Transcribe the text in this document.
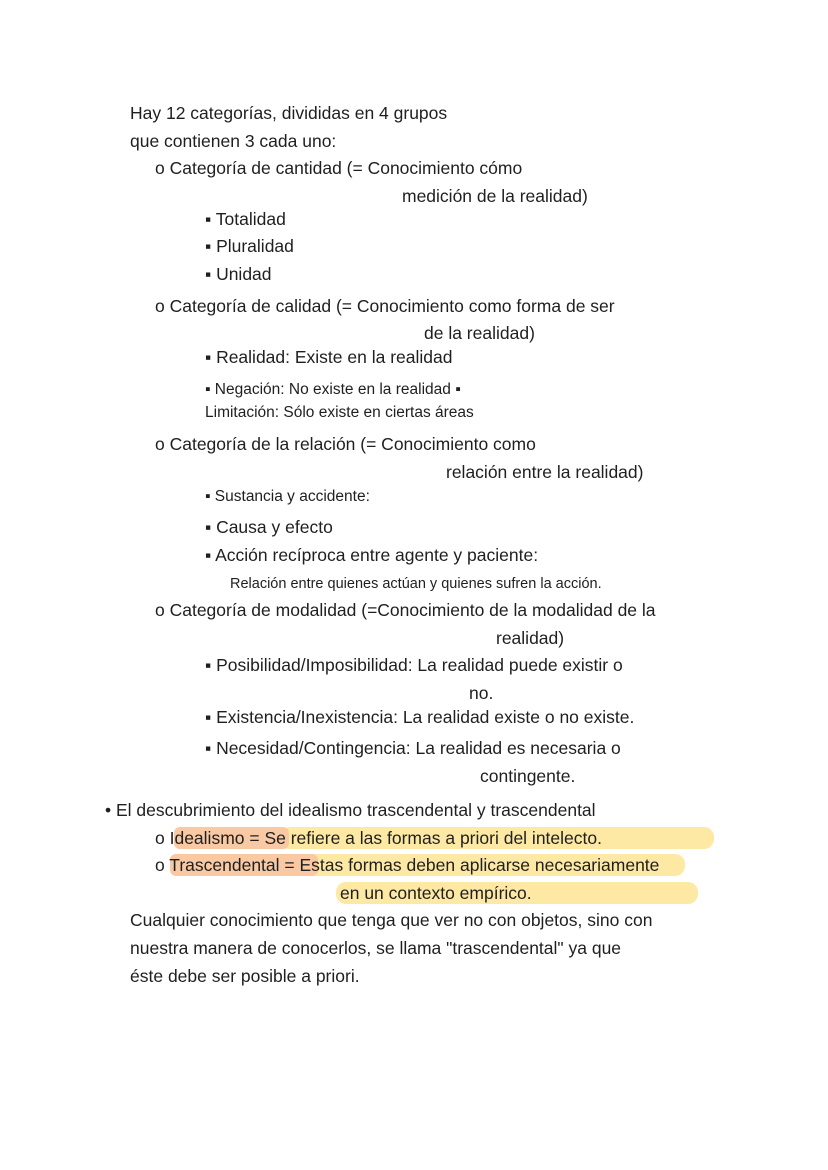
Hay 12 categorías, divididas en 4 grupos
que contienen 3 cada uno:
o Categoría de cantidad (= Conocimiento cómo
medición de la realidad)
▪ Totalidad
▪ Pluralidad
▪ Unidad
o Categoría de calidad (= Conocimiento como forma de ser
de la realidad)
▪ Realidad: Existe en la realidad
▪ Negación: No existe en la realidad ▪
Limitación: Sólo existe en ciertas áreas
o Categoría de la relación (= Conocimiento como
relación entre la realidad)
▪ Sustancia y accidente:
▪ Causa y efecto
▪ Acción recíproca entre agente y paciente:
Relación entre quienes actúan y quienes sufren la acción.
o Categoría de modalidad (=Conocimiento de la modalidad de la
realidad)
▪ Posibilidad/Imposibilidad: La realidad puede existir o
no.
▪ Existencia/Inexistencia: La realidad existe o no existe.
▪ Necesidad/Contingencia: La realidad es necesaria o
contingente.
• El descubrimiento del idealismo trascendental y trascendental
o Idealismo = Se refiere a las formas a priori del intelecto.
o Trascendental = Estas formas deben aplicarse necesariamente
en un contexto empírico.
Cualquier conocimiento que tenga que ver no con objetos, sino con
nuestra manera de conocerlos, se llama "trascendental" ya que
éste debe ser posible a priori.
